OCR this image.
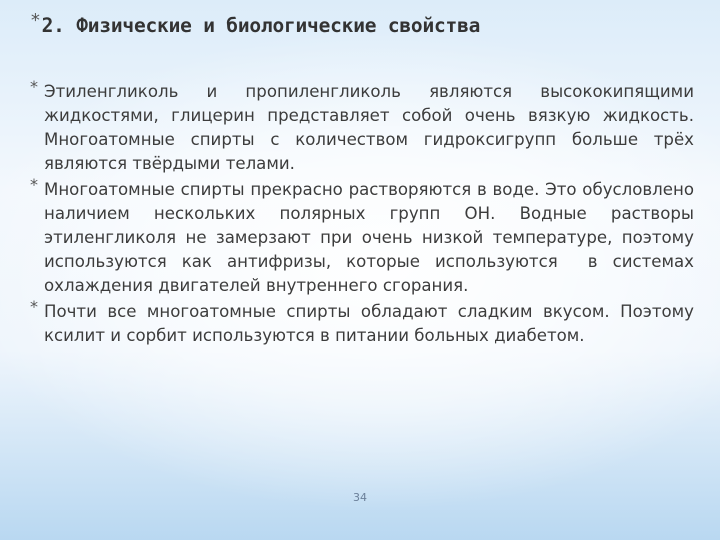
*2. Физические и биологические свойства
* Этиленгликоль и пропиленгликоль являются высококипящими жидкостями, глицерин представляет собой очень вязкую жидкость. Многоатомные спирты с количеством гидроксигрупп больше трёх являются твёрдыми телами.
* Многоатомные спирты прекрасно растворяются в воде. Это обусловлено наличием нескольких полярных групп ОН. Водные растворы этиленгликоля не замерзают при очень низкой температуре, поэтому используются как антифризы, которые используются  в системах охлаждения двигателей внутреннего сгорания.
* Почти все многоатомные спирты обладают сладким вкусом. Поэтому ксилит и сорбит используются в питании больных диабетом.
34
